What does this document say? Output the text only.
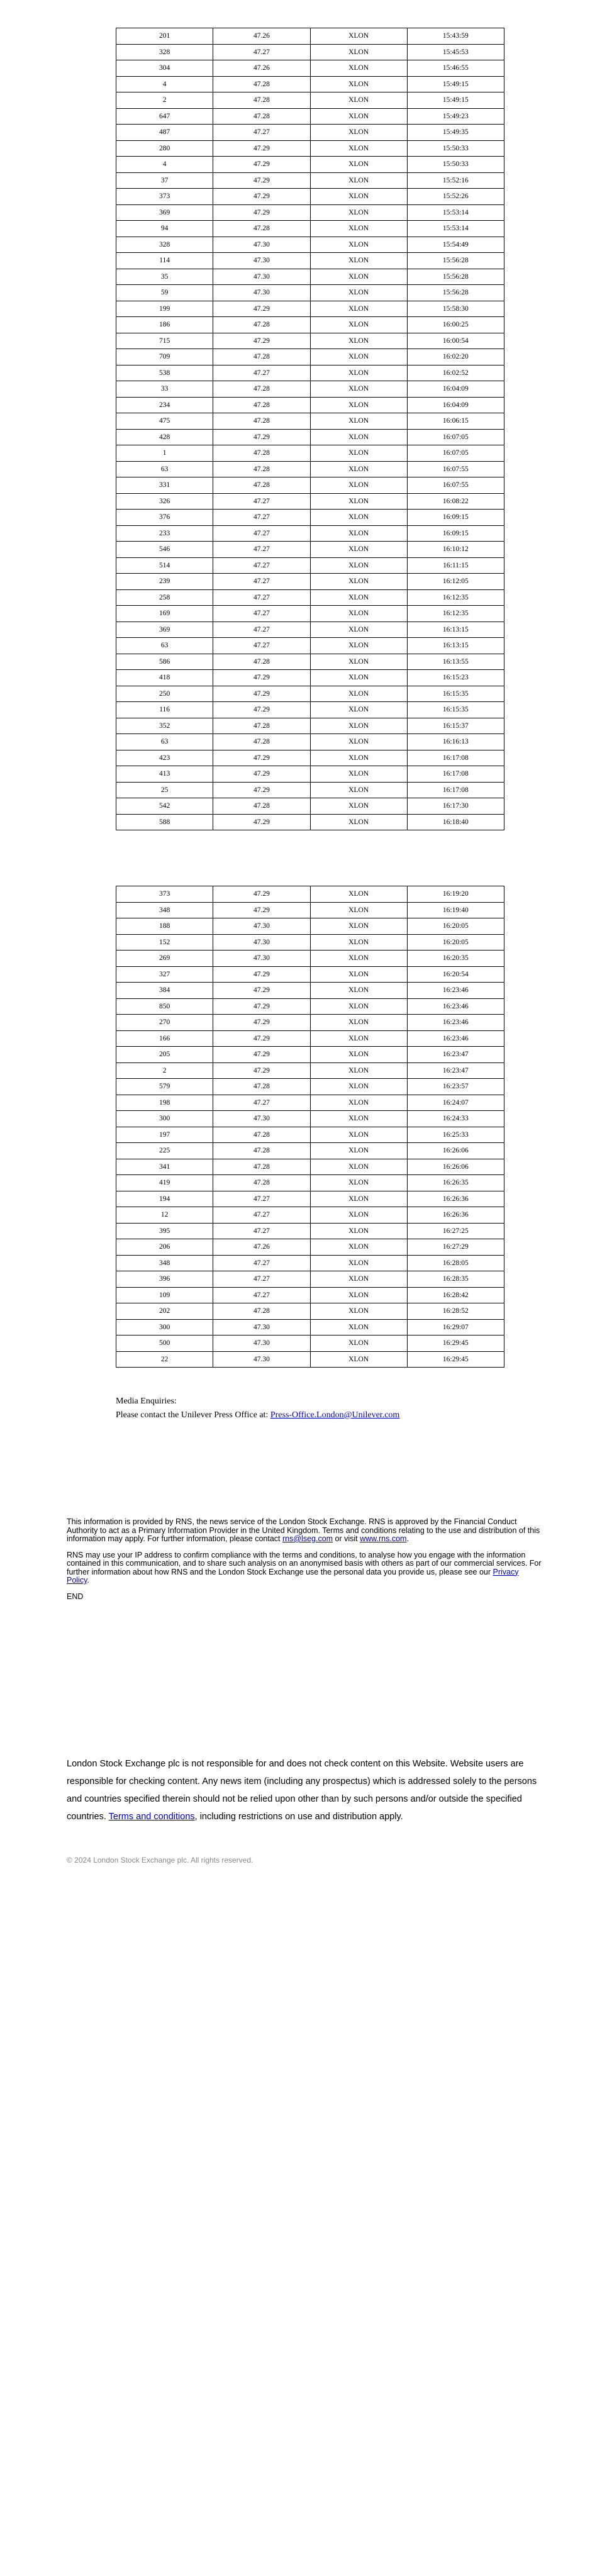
201	47.26	XLON	15:43:59
328	47.27	XLON	15:45:53
304	47.26	XLON	15:46:55
4	47.28	XLON	15:49:15
2	47.28	XLON	15:49:15
647	47.28	XLON	15:49:23
487	47.27	XLON	15:49:35
280	47.29	XLON	15:50:33
4	47.29	XLON	15:50:33
37	47.29	XLON	15:52:16
373	47.29	XLON	15:52:26
369	47.29	XLON	15:53:14
94	47.28	XLON	15:53:14
328	47.30	XLON	15:54:49
114	47.30	XLON	15:56:28
35	47.30	XLON	15:56:28
59	47.30	XLON	15:56:28
199	47.29	XLON	15:58:30
186	47.28	XLON	16:00:25
715	47.29	XLON	16:00:54
709	47.28	XLON	16:02:20
538	47.27	XLON	16:02:52
33	47.28	XLON	16:04:09
234	47.28	XLON	16:04:09
475	47.28	XLON	16:06:15
428	47.29	XLON	16:07:05
1	47.28	XLON	16:07:05
63	47.28	XLON	16:07:55
331	47.28	XLON	16:07:55
326	47.27	XLON	16:08:22
376	47.27	XLON	16:09:15
233	47.27	XLON	16:09:15
546	47.27	XLON	16:10:12
514	47.27	XLON	16:11:15
239	47.27	XLON	16:12:05
258	47.27	XLON	16:12:35
169	47.27	XLON	16:12:35
369	47.27	XLON	16:13:15
63	47.27	XLON	16:13:15
586	47.28	XLON	16:13:55
418	47.29	XLON	16:15:23
250	47.29	XLON	16:15:35
116	47.29	XLON	16:15:35
352	47.28	XLON	16:15:37
63	47.28	XLON	16:16:13
423	47.29	XLON	16:17:08
413	47.29	XLON	16:17:08
25	47.29	XLON	16:17:08
542	47.28	XLON	16:17:30
588	47.29	XLON	16:18:40
373	47.29	XLON	16:19:20
348	47.29	XLON	16:19:40
188	47.30	XLON	16:20:05
152	47.30	XLON	16:20:05
269	47.30	XLON	16:20:35
327	47.29	XLON	16:20:54
384	47.29	XLON	16:23:46
850	47.29	XLON	16:23:46
270	47.29	XLON	16:23:46
166	47.29	XLON	16:23:46
205	47.29	XLON	16:23:47
2	47.29	XLON	16:23:47
579	47.28	XLON	16:23:57
198	47.27	XLON	16:24:07
300	47.30	XLON	16:24:33
197	47.28	XLON	16:25:33
225	47.28	XLON	16:26:06
341	47.28	XLON	16:26:06
419	47.28	XLON	16:26:35
194	47.27	XLON	16:26:36
12	47.27	XLON	16:26:36
395	47.27	XLON	16:27:25
206	47.26	XLON	16:27:29
348	47.27	XLON	16:28:05
396	47.27	XLON	16:28:35
109	47.27	XLON	16:28:42
202	47.28	XLON	16:28:52
300	47.30	XLON	16:29:07
500	47.30	XLON	16:29:45
22	47.30	XLON	16:29:45
Media Enquiries:
Please contact the Unilever Press Office at: Press-Office.London@Unilever.com

This information is provided by RNS, the news service of the London Stock Exchange. RNS is approved by the Financial Conduct Authority to act as a Primary Information Provider in the United Kingdom. Terms and conditions relating to the use and distribution of this information may apply. For further information, please contact rns@lseg.com or visit www.rns.com.

RNS may use your IP address to confirm compliance with the terms and conditions, to analyse how you engage with the information contained in this communication, and to share such analysis on an anonymised basis with others as part of our commercial services. For further information about how RNS and the London Stock Exchange use the personal data you provide us, please see our Privacy Policy.

END

London Stock Exchange plc is not responsible for and does not check content on this Website. Website users are responsible for checking content. Any news item (including any prospectus) which is addressed solely to the persons and countries specified therein should not be relied upon other than by such persons and/or outside the specified countries. Terms and conditions, including restrictions on use and distribution apply.
© 2024 London Stock Exchange plc. All rights reserved.
